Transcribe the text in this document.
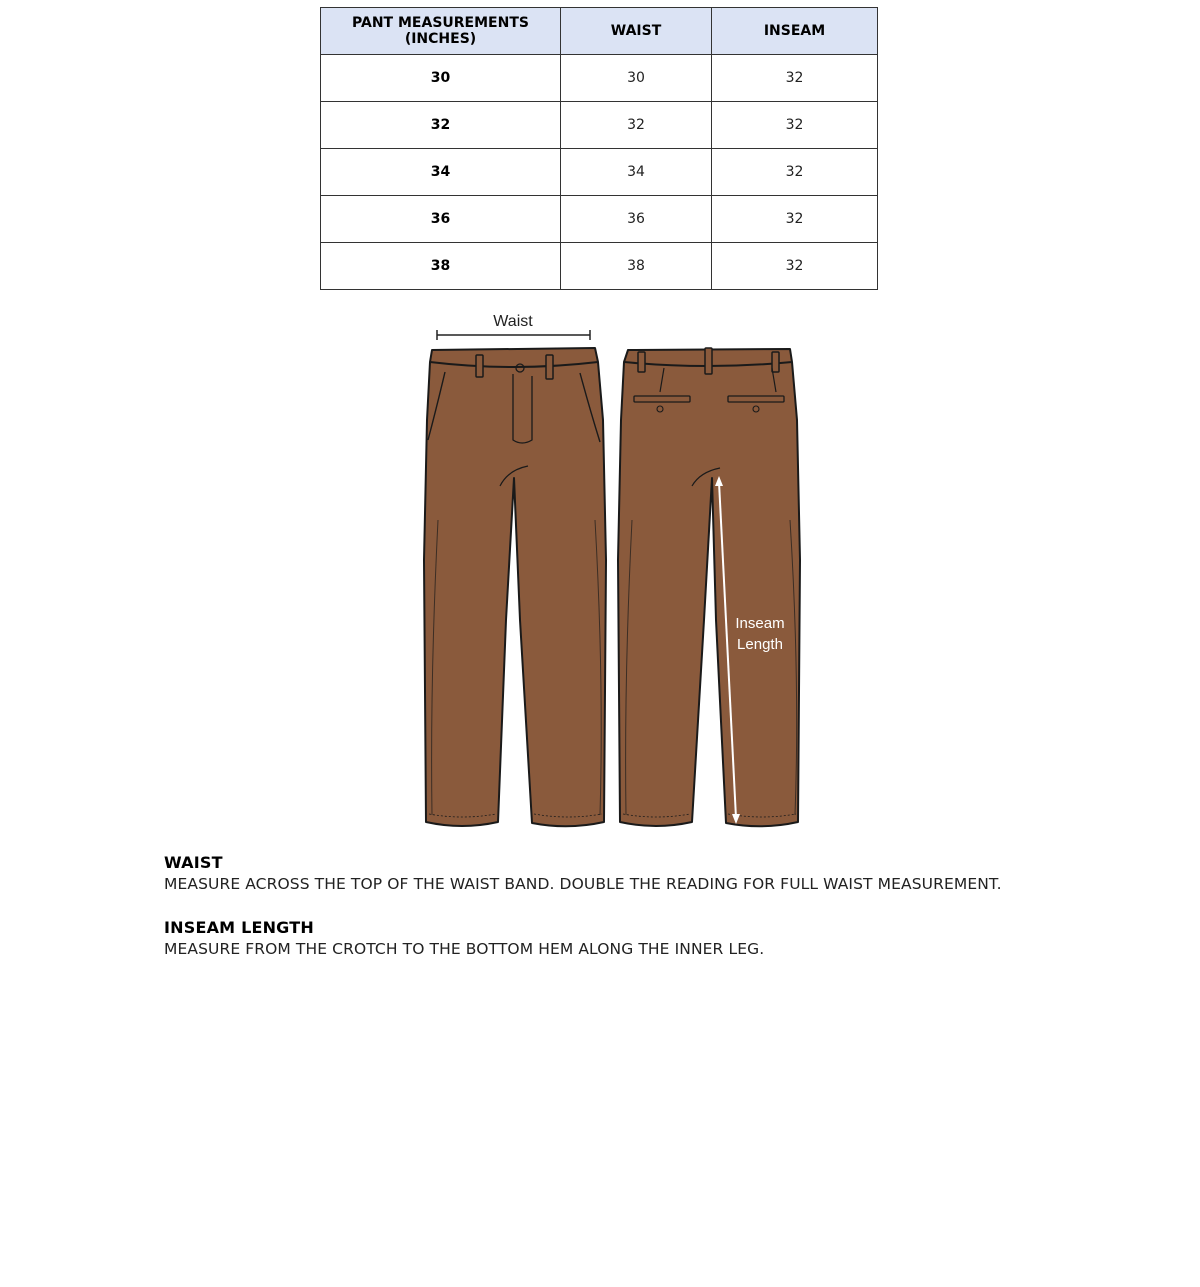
PANT MEASUREMENTS (INCHES)	WAIST	INSEAM
30	30	32
32	32	32
34	34	32
36	36	32
38	38	32
Waist
Inseam
Length
WAIST
MEASURE ACROSS THE TOP OF THE WAIST BAND. DOUBLE THE READING FOR FULL WAIST MEASUREMENT.
INSEAM LENGTH
MEASURE FROM THE CROTCH TO THE BOTTOM HEM ALONG THE INNER LEG.
